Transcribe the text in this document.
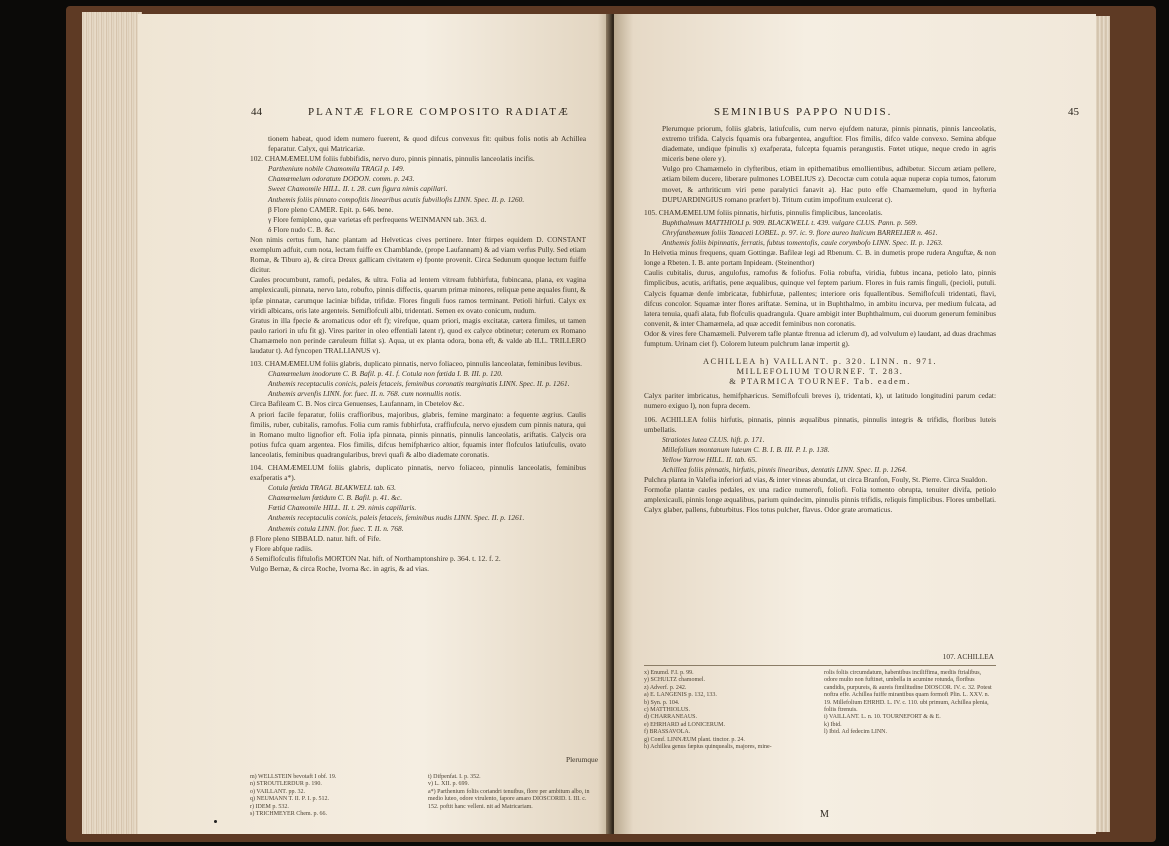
44	PLANTÆ FLORE COMPOSITO RADIATÆ

tionem habeat, quod idem numero fuerent, & quod difcus convexus fit: quibus folis notis ab Achillea feparatur. Calyx, qui Matricariæ.

102. CHAMÆMELUM foliis fubbifidis, nervo duro, pinnis pinnatis, pinnulis lanceolatis incifis.

Parthenium nobile Chamomila TRAGI p. 149.

Chamæmelum odoratum DODON. comm. p. 243.

Sweet Chamomile HILL. II. t. 28. cum figura nimis capillari.

Anthemis foliis pinnato compofitis linearibus acutis fubvillofis LINN. Spec. II. p. 1260.

β Flore pleno CAMER. Epit. p. 646. bene.

γ Flore femipleno, quæ varietas eft perfrequens WEINMANN tab. 363. d.

δ Flore nudo C. B. &c.

Non nimis certus fum, hanc plantam ad Helveticas cives pertinere. Inter ftirpes equidem D. CONSTANT exemplum adfuit, cum nota, lectam fuiffe ex Chamblande, (prope Laufannam) & ad viam verfus Pully. Sed etiam Romæ, & Tiburo a), & circa Dreux gallicam civitatem e) fponte provenit. Circa Sedunum quoque lectum fuiffe dicitur.

Caules procumbunt, ramofi, pedales, & ultra. Folia ad lentem vitream fubhirfuta, fubincana, plana, ex vagina amplexicauli, pinnata, nervo lato, robufto, pinnis diffectis, quarum primæ minores, reliquæ pene æquales fiunt, & ipfæ pinnatæ, carumque laciniæ bifidæ, trifidæ. Flores finguli fuos ramos terminant. Petioli hirfuti. Calyx ex viridi albicans, oris late argenteis. Semiflofculi albi, tridentati. Semen ex ovato conicum, nudum.

Gratus in illa fpecie & aromaticus odor eft f); virefque, quam priori, magis excitatæ, cætera fimiles, ut tamen paulo rariori in ufu fit g). Vires pariter in oleo effentiali latent r), quod ex calyce obtinetur; ceterum ex Romano Chamæmelo non perinde cæruleum ftillat s). Aqua, ut ex planta odora, bona eft, & valde ab ILL. TRILLERO laudatur t). Ad fyncopen TRALLIANUS v).

103. CHAMÆMELUM foliis glabris, duplicato pinnatis, nervo foliaceo, pinnulis lanceolatæ, feminibus levibus.

Chamæmelum inodorum C. B. Bafil. p. 41. f. Cotula non fœtida I. B. III. p. 120.

Anthemis receptaculis conicis, paleis fetaceis, feminibus coronatis marginatis LINN. Spec. II. p. 1261.

Anthemis arvenfis LINN. for. fuec. II. n. 768. cum nonnullis notis.

Circa Bafileam C. B. Nos circa Genuenses, Laufannam, in Cbetelov &c.

A priori facile feparatur, foliis craffioribus, majoribus, glabris, femine marginato: a fequente ægrius. Caulis fimilis, ruber, cubitalis, ramofus. Folia cum ramis fubhirfuta, craffiufcula, nervo ejusdem cum pinnis natura, qui in Romano multo lignofior eft. Folia ipfa pinnata, pinnis pinnatis, pinnulis lanceolatis, ariftatis. Calycis ora potius fufca quam argentea. Flos fimilis, difcus hemifphærico altior, fquamis inter flofculos latiufculis, ovato lanceolatis, feminibus quadrangularibus, brevi quafi & albo diademate coronatis.

104. CHAMÆMELUM foliis glabris, duplicato pinnatis, nervo foliaceo, pinnulis lanceolatis, feminibus exafperatis a*).

Cotula fœtida TRAGI. BLAKWELL tab. 63.

Chamæmelum fœtidum C. B. Bafil. p. 41. &c.

Fœtid Chamomile HILL. II. t. 29. nimis capillaris.

Anthemis receptaculis conicis, paleis fetaceis, feminibus nudis LINN. Spec. II. p. 1261.

Anthemis cotula LINN. flor. fuec. T. II. n. 768.

β Flore pleno SIBBALD. natur. hift. of Fife.

γ Flore abfque radiis.

δ Semiflofculis fiftulofis MORTON Nat. hift. of Northamptonshire p. 364. t. 12. f. 2.

Vulgo Bernæ, & circa Roche, Ivorna &c. in agris, & ad vias.

Plerumque

m) WELLSTEIN bevotaft I obf. 19.

n) STROUTLERDUR p. 190.

o) VAILLANT. pp. 32.

q) NEUMANN T. II. P. I. p. 512.

r) IDEM p. 532.

s) TRICHMEYER Chem. p. 66.

t) Difpenfat. I. p. 352.

v) L. XII. p. 699.

a*) Parthenium foliis coriandri tenuibus, flore per ambitum albo, in medio luteo, odore virulento, fapore amaro DIOSCORID. I. III. c. 152. poftit hanc velleni. nit ad Matricariam.

SEMINIBUS PAPPO NUDIS.	45

Plerumque priorum, foliis glabris, latiufculis, cum nervo ejufdem naturæ, pinnis pinnatis, pinnis lanceolatis, extremo trifida. Calycis fquamis ora fubargentea, anguftior. Flos fimilis, difco valde convexo. Semina abfque diademate, undique fpinulis x) exafperata, fulcepta fquamis perangustis. Fœtet utique, neque credo in agris miceris bene olere y).

Vulgo pro Chamæmelo in clyfteribus, etiam in epithematibus emollientibus, adhibetur. Siccum ætiam pellere, ætiam bilem ducere, liberare pulmones LOBELIUS z). Decoctæ cum cotula aquæ nuperæ copia tumos, fatorum movet, & arthriticum viri pene paralytici fanavit a). Hac puto effe Chamæmelum, quod in hyfteria DUPUARDINGIUS romano præfert b). Tritum cutim impofitum exulcerat c).

105. CHAMÆMELUM foliis pinnatis, hirfutis, pinnulis fimplicibus, lanceolatis.

Buphthalmum MATTHIOLI p. 909. BLACKWELL t. 439. vulgare CLUS. Pann. p. 569.

Chryfanthemum foliis Tanaceti LOBEL. p. 97. ic. 9. flore aureo Italicum BARRELIER n. 461.

Anthemis foliis bipinnatis, ferratis, fubtus tomentofis, caule corymbofo LINN. Spec. II. p. 1263.

In Helvetia minus frequens, quam Gottingæ. Bafileæ legi ad Rbenum. C. B. in dumetis prope rudera Anguftæ, & non longe a Rbeten. I. B. ante portam Inpideam. (Steinenthor)

Caulis cubitalis, durus, angulofus, ramofus & foliofus. Folia robufta, viridia, fubtus incana, petiolo lato, pinnis fimplicibus, acutis, ariftatis, pene æqualibus, quinque vel feptem parium. Flores in fuis ramis finguli, (pecioli, putuli. Calycis fquamæ denfe imbricatæ, fubhirfutæ, pallentes; interiore oris fquallentibus. Semiflofculi tridentati, flavi, difcus concolor. Squamæ inter flores ariftatæ. Semina, ut in Buphthalmo, in ambitu incurva, per medium fulcata, ad latera tenuia, quafi alata, fub flofculis quadrangula. Quare ambigit inter Buphthalmum, cui duorum generum feminibus convenit, & inter Chamæmela, ad quæ accedit feminibus non coronatis.

Odor & vires fere Chamæmeli. Pulverem tafle plantæ ftrenua ad iclerum d), ad volvulum e) laudant, ad duas drachmas fumptum. Urinam ciet f). Colorem luteum pulchrum lanæ impertit g).

ACHILLEA h) VAILLANT. p. 320. LINN. n. 971.

MILLEFOLIUM TOURNEF. T. 283.

& PTARMICA TOURNEF. Tab. eadem.

Calyx pariter imbricatus, hemifphæricus. Semiflofculi breves i), tridentati, k), ut latitudo longitudini parum cedat: numero exiguo l), non fupra decem.

106. ACHILLEA foliis hirfutis, pinnatis, pinnis æqualibus pinnatis, pinnulis integris & trifidis, floribus luteis umbellatis.

Stratiotes lutea CLUS. hift. p. 171.

Millefolium montanum luteum C. B. I. B. III. P. I. p. 138.

Yellow Yarrow HILL. II. tab. 65.

Achillea foliis pinnatis, hirfutis, pinnis linearibus, dentatis LINN. Spec. II. p. 1264.

Pulchra planta in Valefia inferiori ad vias, & inter vineas abundat, ut circa Branfon, Fouly, St. Pierre. Circa Sualdon.

Formofæ plantæ caules pedales, ex una radice numerofi, foliofi. Folia tomento obrupta, tenuiter divifa, petiolo amplexicauli, pinnis longe æqualibus, parium quindecim, pinnulis pinnis trifidis, reliquis fimplicibus. Flores umbellati. Calyx glaber, pallens, fubturbitus. Flos totus pulcher, flavus. Odor grate aromaticus.

107. ACHILLEA

x) Enumd. F.I. p. 99.

y) SCHULTZ chamomel.

z) Adverf. p. 242.

a) E. LANGENIS p. 132, 133.

b) Syn. p. 104.

c) MATTHIOLUS.

d) CHARRANEAUS.

e) EHRHARD ad LONICERUM.

f) BRASSAVOLA.

g) Comf. LINNÆUM plant. tinctor. p. 24.

h) Achillea genus fæpius quinquealis, majores, mine-

rolis foliis circumdatum, habentibus inciliffima, mediis ftrialibus, odore multo non fuftinet, umbella in acumine rotunda, floribus candidis, purpureis, & aureis fimilitudine DIOSCOR. IV. c. 32. Potest noftra effe. Achillea fuiffe mirantibus quam formofi Plin. L. XXV. n. 19. Millefolium EHRHD. L. IV. c. 110. ubi primum, Achillea plenia, foliis ftrenuis.

i) VAILLANT. L. n. 10. TOURNEFORT & & E.

k) Ibid.

l) Ibid. Ad fedecim LINN.

M
